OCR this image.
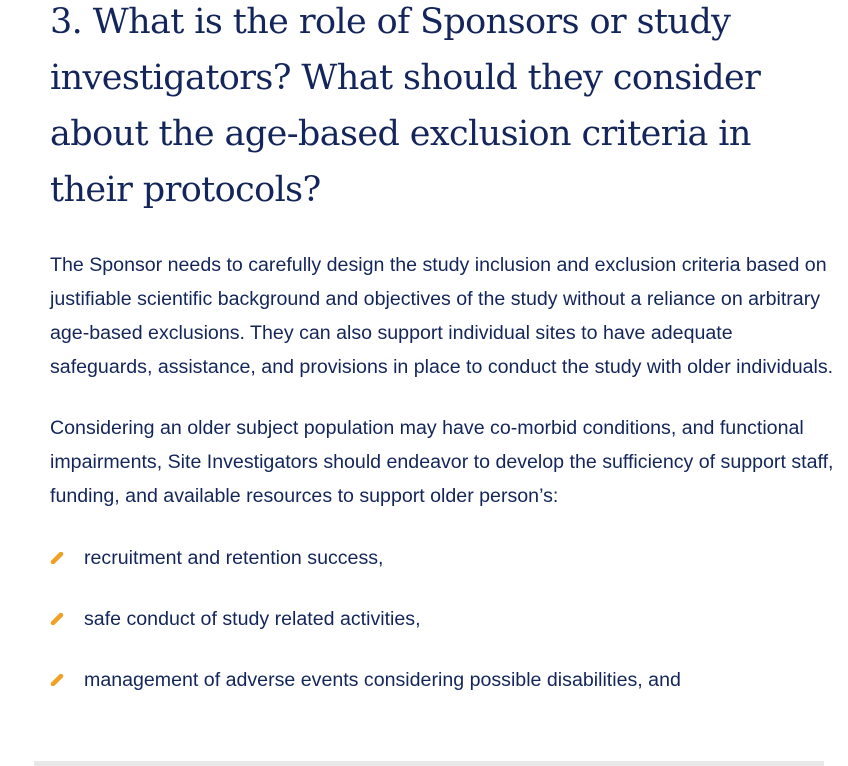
3. What is the role of Sponsors or study investigators? What should they consider about the age-based exclusion criteria in their protocols?

The Sponsor needs to carefully design the study inclusion and exclusion criteria based on justifiable scientific background and objectives of the study without a reliance on arbitrary age-based exclusions. They can also support individual sites to have adequate safeguards, assistance, and provisions in place to conduct the study with older individuals.

Considering an older subject population may have co-morbid conditions, and functional impairments, Site Investigators should endeavor to develop the sufficiency of support staff, funding, and available resources to support older person’s:

recruitment and retention success,
safe conduct of study related activities,
management of adverse events considering possible disabilities, and
